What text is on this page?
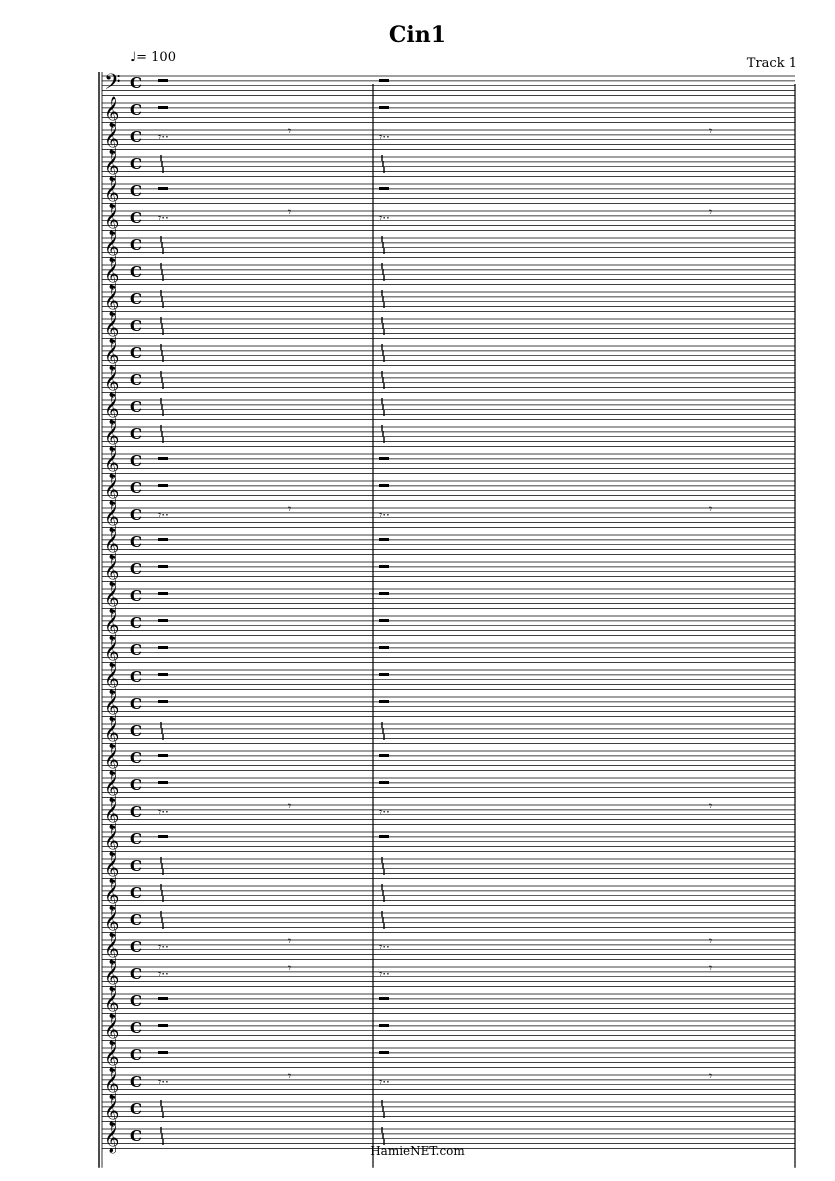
Cin1
♩= 100	Track 1
𝄢 C
𝄞 C
𝄞 C 𝄾··	𝄾	𝄾··	𝄾
𝄞 C
𝄞 C
𝄞 C 𝄾··	𝄾	𝄾··	𝄾
𝄞 C
𝄞 C
𝄞 C
𝄞 C
𝄞 C
𝄞 C
𝄞 C
𝄞 C
𝄞 C
𝄞 C
𝄞 C 𝄾··	𝄾	𝄾··	𝄾
𝄞 C
𝄞 C
𝄞 C
𝄞 C
𝄞 C
𝄞 C
𝄞 C
𝄞 C
𝄞 C
𝄞 C
𝄞 C 𝄾··	𝄾	𝄾··	𝄾
𝄞 C
𝄞 C
𝄞 C
𝄞 C
𝄞 C 𝄾··	𝄾	𝄾··	𝄾
𝄞 C 𝄾··	𝄾	𝄾··	𝄾
𝄞 C
𝄞 C
𝄞 C
𝄞 C 𝄾··	𝄾	𝄾··	𝄾
𝄞 C
𝄞 C
HamieNET.com
